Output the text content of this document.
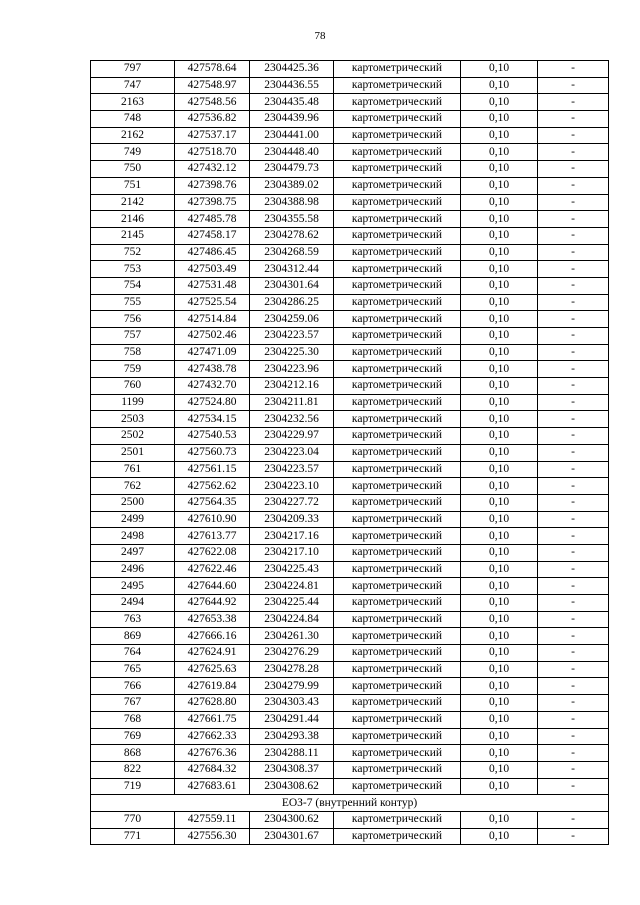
78
797	427578.64	2304425.36	картометрический	0,10	-
747	427548.97	2304436.55	картометрический	0,10	-
2163	427548.56	2304435.48	картометрический	0,10	-
748	427536.82	2304439.96	картометрический	0,10	-
2162	427537.17	2304441.00	картометрический	0,10	-
749	427518.70	2304448.40	картометрический	0,10	-
750	427432.12	2304479.73	картометрический	0,10	-
751	427398.76	2304389.02	картометрический	0,10	-
2142	427398.75	2304388.98	картометрический	0,10	-
2146	427485.78	2304355.58	картометрический	0,10	-
2145	427458.17	2304278.62	картометрический	0,10	-
752	427486.45	2304268.59	картометрический	0,10	-
753	427503.49	2304312.44	картометрический	0,10	-
754	427531.48	2304301.64	картометрический	0,10	-
755	427525.54	2304286.25	картометрический	0,10	-
756	427514.84	2304259.06	картометрический	0,10	-
757	427502.46	2304223.57	картометрический	0,10	-
758	427471.09	2304225.30	картометрический	0,10	-
759	427438.78	2304223.96	картометрический	0,10	-
760	427432.70	2304212.16	картометрический	0,10	-
1199	427524.80	2304211.81	картометрический	0,10	-
2503	427534.15	2304232.56	картометрический	0,10	-
2502	427540.53	2304229.97	картометрический	0,10	-
2501	427560.73	2304223.04	картометрический	0,10	-
761	427561.15	2304223.57	картометрический	0,10	-
762	427562.62	2304223.10	картометрический	0,10	-
2500	427564.35	2304227.72	картометрический	0,10	-
2499	427610.90	2304209.33	картометрический	0,10	-
2498	427613.77	2304217.16	картометрический	0,10	-
2497	427622.08	2304217.10	картометрический	0,10	-
2496	427622.46	2304225.43	картометрический	0,10	-
2495	427644.60	2304224.81	картометрический	0,10	-
2494	427644.92	2304225.44	картометрический	0,10	-
763	427653.38	2304224.84	картометрический	0,10	-
869	427666.16	2304261.30	картометрический	0,10	-
764	427624.91	2304276.29	картометрический	0,10	-
765	427625.63	2304278.28	картометрический	0,10	-
766	427619.84	2304279.99	картометрический	0,10	-
767	427628.80	2304303.43	картометрический	0,10	-
768	427661.75	2304291.44	картометрический	0,10	-
769	427662.33	2304293.38	картометрический	0,10	-
868	427676.36	2304288.11	картометрический	0,10	-
822	427684.32	2304308.37	картометрический	0,10	-
719	427683.61	2304308.62	картометрический	0,10	-
ЕОЗ-7 (внутренний контур)					
770	427559.11	2304300.62	картометрический	0,10	-
771	427556.30	2304301.67	картометрический	0,10	-
